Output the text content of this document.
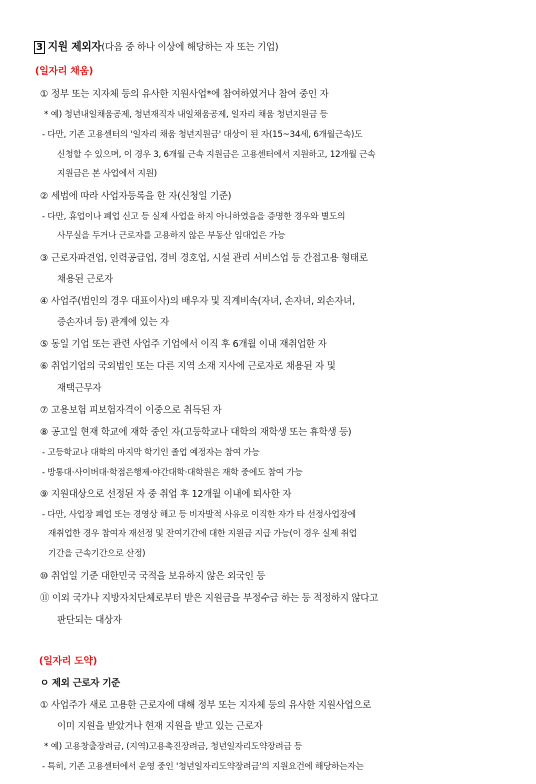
3 지원 제외자(다음 중 하나 이상에 해당하는 자 또는 기업)
(일자리 채움)
① 정부 또는 지자체 등의 유사한 지원사업*에 참여하였거나 참여 중인 자
* 예) 청년내일채움공제, 청년재직자 내일채움공제, 일자리 채움 청년지원금 등
- 다만, 기존 고용센터의 '일자리 채움 청년지원금' 대상이 된 자(15~34세, 6개월근속)도
신청할 수 있으며, 이 경우 3, 6개월 근속 지원금은 고용센터에서 지원하고, 12개월 근속
지원금은 본 사업에서 지원)
② 세법에 따라 사업자등록을 한 자(신청일 기준)
- 다만, 휴업이나 폐업 신고 등 실제 사업을 하지 아니하였음을 증명한 경우와 별도의
사무실을 두거나 근로자를 고용하지 않은 부동산 임대업은 가능
③ 근로자파견업, 인력공급업, 경비 경호업, 시설 관리 서비스업 등 간접고용 형태로
채용된 근로자
④ 사업주(법인의 경우 대표이사)의 배우자 및 직계비속(자녀, 손자녀, 외손자녀,
증손자녀 등) 관계에 있는 자
⑤ 동일 기업 또는 관련 사업주 기업에서 이직 후 6개월 이내 재취업한 자
⑥ 취업기업의 국외법인 또는 다른 지역 소재 지사에 근로자로 채용된 자 및
재택근무자
⑦ 고용보험 피보험자격이 이중으로 취득된 자
⑧ 공고일 현재 학교에 재학 중인 자(고등학교나 대학의 재학생 또는 휴학생 등)
- 고등학교나 대학의 마지막 학기인 졸업 예정자는 참여 가능
- 방통대·사이버대·학점은행제·야간대학·대학원은 재학 중에도 참여 가능
⑨ 지원대상으로 선정된 자 중 취업 후 12개월 이내에 퇴사한 자
- 다만, 사업장 폐업 또는 경영상 해고 등 비자발적 사유로 이직한 자가 타 선정사업장에
재취업한 경우 참여자 재선정 및 잔여기간에 대한 지원금 지급 가능(이 경우 실제 취업
기간을 근속기간으로 산정)
⑩ 취업일 기준 대한민국 국적을 보유하지 않은 외국인 등
⑪ 이외 국가나 지방자치단체로부터 받은 지원금을 부정수급 하는 등 적정하지 않다고
판단되는 대상자
(일자리 도약)
ㅇ 제외 근로자 기준
① 사업주가 새로 고용한 근로자에 대해 정부 또는 지자체 등의 유사한 지원사업으로
이미 지원을 받았거나 현재 지원을 받고 있는 근로자
* 예) 고용창출장려금, (지역)고용촉진장려금, 청년일자리도약장려금 등
- 특히, 기존 고용센터에서 운영 중인 '청년일자리도약장려금'의 지원요건에 해당하는자는
